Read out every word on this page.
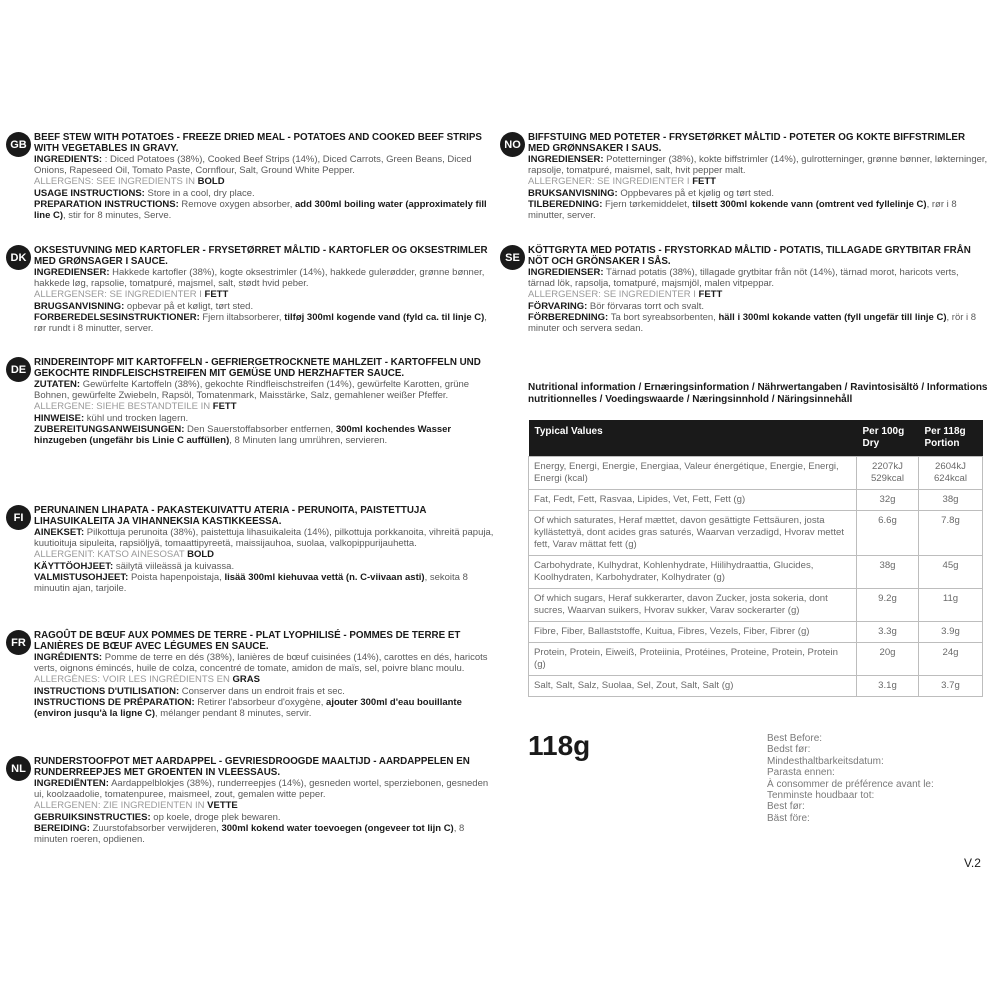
GB
BEEF STEW WITH POTATOES - FREEZE DRIED MEAL - POTATOES AND COOKED BEEF STRIPS WITH VEGETABLES IN GRAVY.
INGREDIENTS: : Diced Potatoes (38%), Cooked Beef Strips (14%), Diced Carrots, Green Beans, Diced Onions, Rapeseed Oil, Tomato Paste, Cornflour, Salt, Ground White Pepper.
ALLERGENS: SEE INGREDIENTS IN BOLD
USAGE INSTRUCTIONS: Store in a cool, dry place.
PREPARATION INSTRUCTIONS: Remove oxygen absorber, add 300ml boiling water (approximately fill line C), stir for 8 minutes, Serve.
DK
OKSESTUVNING MED KARTOFLER - FRYSETØRRET MÅLTID - KARTOFLER OG OKSESTRIMLER MED GRØNSAGER I SAUCE.
INGREDIENSER: Hakkede kartofler (38%), kogte oksestrimler (14%), hakkede gulerødder, grønne bønner, hakkede løg, rapsolie, tomatpuré, majsmel, salt, stødt hvid peber.
ALLERGENSER: SE INGREDIENTER I FETT
BRUGSANVISNING: opbevar på et køligt, tørt sted.
FORBEREDELSESINSTRUKTIONER: Fjern iltabsorberer, tilføj 300ml kogende vand (fyld ca. til linje C), rør rundt i 8 minutter, server.
DE
RINDEREINTOPF MIT KARTOFFELN - GEFRIERGETROCKNETE MAHLZEIT - KARTOFFELN UND GEKOCHTE RINDFLEISCHSTREIFEN MIT GEMÜSE UND HERZHAFTER SAUCE.
ZUTATEN: Gewürfelte Kartoffeln (38%), gekochte Rindfleischstreifen (14%), gewürfelte Karotten, grüne Bohnen, gewürfelte Zwiebeln, Rapsöl, Tomatenmark, Maisstärke, Salz, gemahlener weißer Pfeffer.
ALLERGENE: SIEHE BESTANDTEILE IN FETT
HINWEISE: kühl und trocken lagern.
ZUBEREITUNGSANWEISUNGEN: Den Sauerstoffabsorber entfernen, 300ml kochendes Wasser hinzugeben (ungefähr bis Linie C auffüllen), 8 Minuten lang umrühren, servieren.
FI
PERUNAINEN LIHAPATA - PAKASTEKUIVATTU ATERIA - PERUNOITA, PAISTETTUJA LIHASUIKALEITA JA VIHANNEKSIA KASTIKKEESSA.
AINEKSET: Pilkottuja perunoita (38%), paistettuja lihasuikaleita (14%), pilkottuja porkkanoita, vihreitä papuja, kuutioituja sipuleita, rapsiöljyä, tomaattipyreetä, maissijauhoa, suolaa, valkopippurijauhetta.
ALLERGENIT: KATSO AINESOSAT BOLD
KÄYTTÖOHJEET: säilytä viileässä ja kuivassa.
VALMISTUSOHJEET: Poista hapenpoistaja, lisää 300ml kiehuvaa vettä (n. C-viivaan asti), sekoita 8 minuutin ajan, tarjoile.
FR
RAGOÛT DE BŒUF AUX POMMES DE TERRE - PLAT LYOPHILISÉ - POMMES DE TERRE ET LANIÈRES DE BŒUF AVEC LÉGUMES EN SAUCE.
INGRÉDIENTS: Pomme de terre en dés (38%), lanières de bœuf cuisinées (14%), carottes en dés, haricots verts, oignons émincés, huile de colza, concentré de tomate, amidon de maïs, sel, poivre blanc moulu.
ALLERGÈNES: VOIR LES INGRÉDIENTS EN GRAS
INSTRUCTIONS D'UTILISATION: Conserver dans un endroit frais et sec.
INSTRUCTIONS DE PRÉPARATION: Retirer l'absorbeur d'oxygène, ajouter 300ml d'eau bouillante (environ jusqu'à la ligne C), mélanger pendant 8 minutes, servir.
NL
RUNDERSTOOFPOT MET AARDAPPEL - GEVRIESDROOGDE MAALTIJD - AARDAPPELEN EN RUNDERREEPJES MET GROENTEN IN VLEESSAUS.
INGREDIËNTEN: Aardappelblokjes (38%), runderreepjes (14%), gesneden wortel, sperziebonen, gesneden ui, koolzaadolie, tomatenpuree, maismeel, zout, gemalen witte peper.
ALLERGENEN: ZIE INGREDIENTEN IN VETTE
GEBRUIKSINSTRUCTIES: op koele, droge plek bewaren.
BEREIDING: Zuurstofabsorber verwijderen, 300ml kokend water toevoegen (ongeveer tot lijn C), 8 minuten roeren, opdienen.
NO
BIFFSTUING MED POTETER - FRYSETØRKET MÅLTID - POTETER OG KOKTE BIFFSTRIMLER MED GRØNNSAKER I SAUS.
INGREDIENSER: Potetterninger (38%), kokte biffstrimler (14%), gulrotterninger, grønne bønner, løkterninger, rapsolje, tomatpuré, maismel, salt, hvit pepper malt.
ALLERGENER: SE INGREDIENTER I FETT
BRUKSANVISNING: Oppbevares på et kjølig og tørt sted.
TILBEREDNING: Fjern tørkemiddelet, tilsett 300ml kokende vann (omtrent ved fyllelinje C), rør i 8 minutter, server.
SE
KÖTTGRYTA MED POTATIS - FRYSTORKAD MÅLTID - POTATIS, TILLAGADE GRYTBITAR FRÅN NÖT OCH GRÖNSAKER I SÅS.
INGREDIENSER: Tärnad potatis (38%), tillagade grytbitar från nöt (14%), tärnad morot, haricots verts, tärnad lök, rapsolja, tomatpuré, majsmjöl, malen vitpeppar.
ALLERGENSER: SE INGREDIENTER I FETT
FÖRVARING: Bör förvaras torrt och svalt.
FÖRBEREDNING: Ta bort syreabsorbenten, häll i 300ml kokande vatten (fyll ungefär till linje C), rör i 8 minuter och servera sedan.
Nutritional information / Ernæringsinformation / Nährwertangaben / Ravintosisältö / Informations nutritionnelles / Voedingswaarde / Næringsinnhold / Näringsinnehåll
Typical Values	Per 100g Dry	Per 118g Portion
Energy, Energi, Energie, Energiaa, Valeur énergétique, Energie, Energi, Energi (kcal)	2207kJ 529kcal	2604kJ 624kcal
Fat, Fedt, Fett, Rasvaa, Lipides, Vet, Fett, Fett (g)	32g	38g
Of which saturates, Heraf mættet, davon gesättigte Fettsäuren, josta kyllästettyä, dont acides gras saturés, Waarvan verzadigd, Hvorav mettet fett, Varav mättat fett (g)	6.6g	7.8g
Carbohydrate, Kulhydrat, Kohlenhydrate, Hiilihydraattia, Glucides, Koolhydraten, Karbohydrater, Kolhydrater (g)	38g	45g
Of which sugars, Heraf sukkerarter, davon Zucker, josta sokeria, dont sucres, Waarvan suikers, Hvorav sukker, Varav sockerarter (g)	9.2g	11g
Fibre, Fiber, Ballaststoffe, Kuitua, Fibres, Vezels, Fiber, Fibrer (g)	3.3g	3.9g
Protein, Protein, Eiweiß, Proteiinia, Protéines, Proteine, Protein, Protein (g)	20g	24g
Salt, Salt, Salz, Suolaa, Sel, Zout, Salt, Salt (g)	3.1g	3.7g
118g	Best Before:
Bedst før:
Mindesthaltbarkeitsdatum:
Parasta ennen:
À consommer de préférence avant le:
Tenminste houdbaar tot:
Best før:
Bäst före:
V.2
